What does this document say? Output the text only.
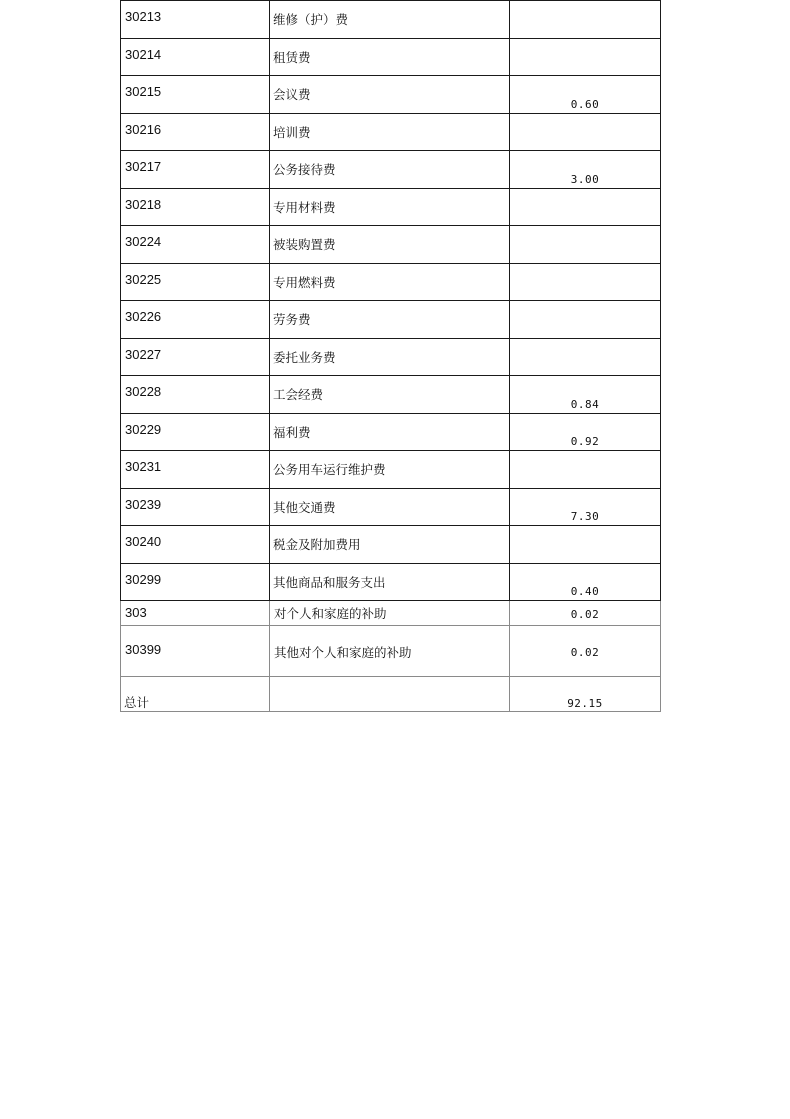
30213	维修（护）费	

30214	租赁费	

30215	会议费	0.60

30216	培训费	

30217	公务接待费	3.00

30218	专用材料费	

30224	被装购置费	

30225	专用燃料费	

30226	劳务费	

30227	委托业务费	

30228	工会经费	0.84

30229	福利费	0.92

30231	公务用车运行维护费	

30239	其他交通费	7.30

30240	税金及附加费用	

30299	其他商品和服务支出	0.40

303	对个人和家庭的补助	0.02

30399	其他对个人和家庭的补助	0.02

总计		92.15
